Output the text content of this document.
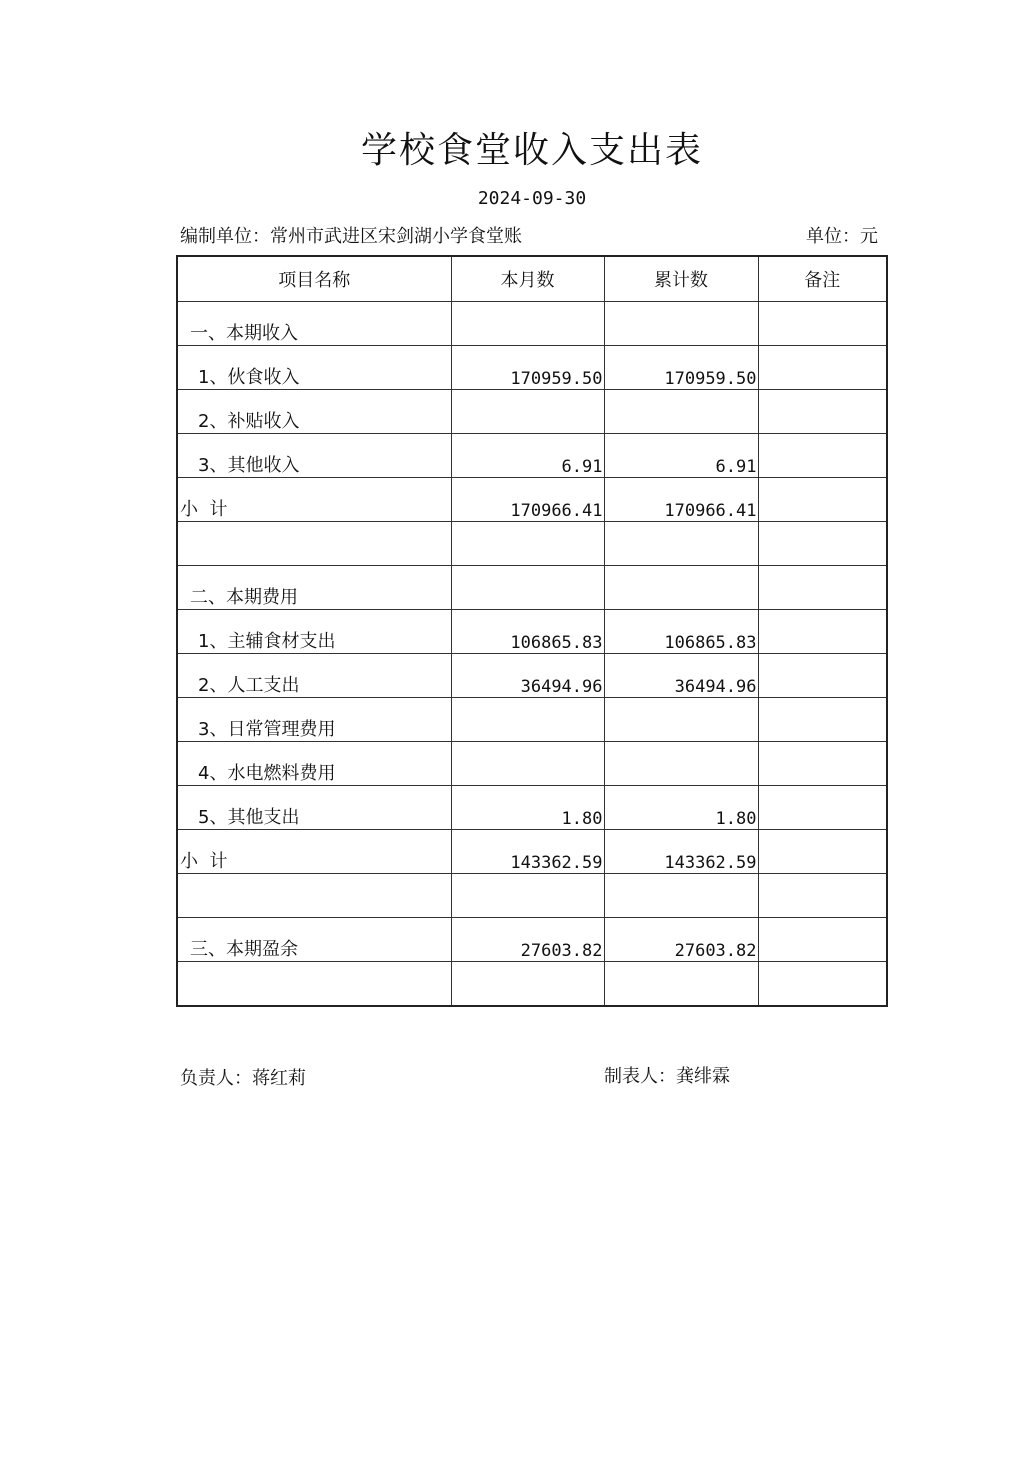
学校食堂收入支出表
2024-09-30
编制单位：常州市武进区宋剑湖小学食堂账	单位：元
项目名称	本月数	累计数	备注
一、本期收入			
1、伙食收入	170959.50	170959.50	
2、补贴收入			
3、其他收入	6.91	6.91	
小  计	170966.41	170966.41	

二、本期费用			
1、主辅食材支出	106865.83	106865.83	
2、人工支出	36494.96	36494.96	
3、日常管理费用			
4、水电燃料费用			
5、其他支出	1.80	1.80	
小  计	143362.59	143362.59	

三、本期盈余	27603.82	27603.82	

负责人：蒋红莉	制表人：龚绯霖
